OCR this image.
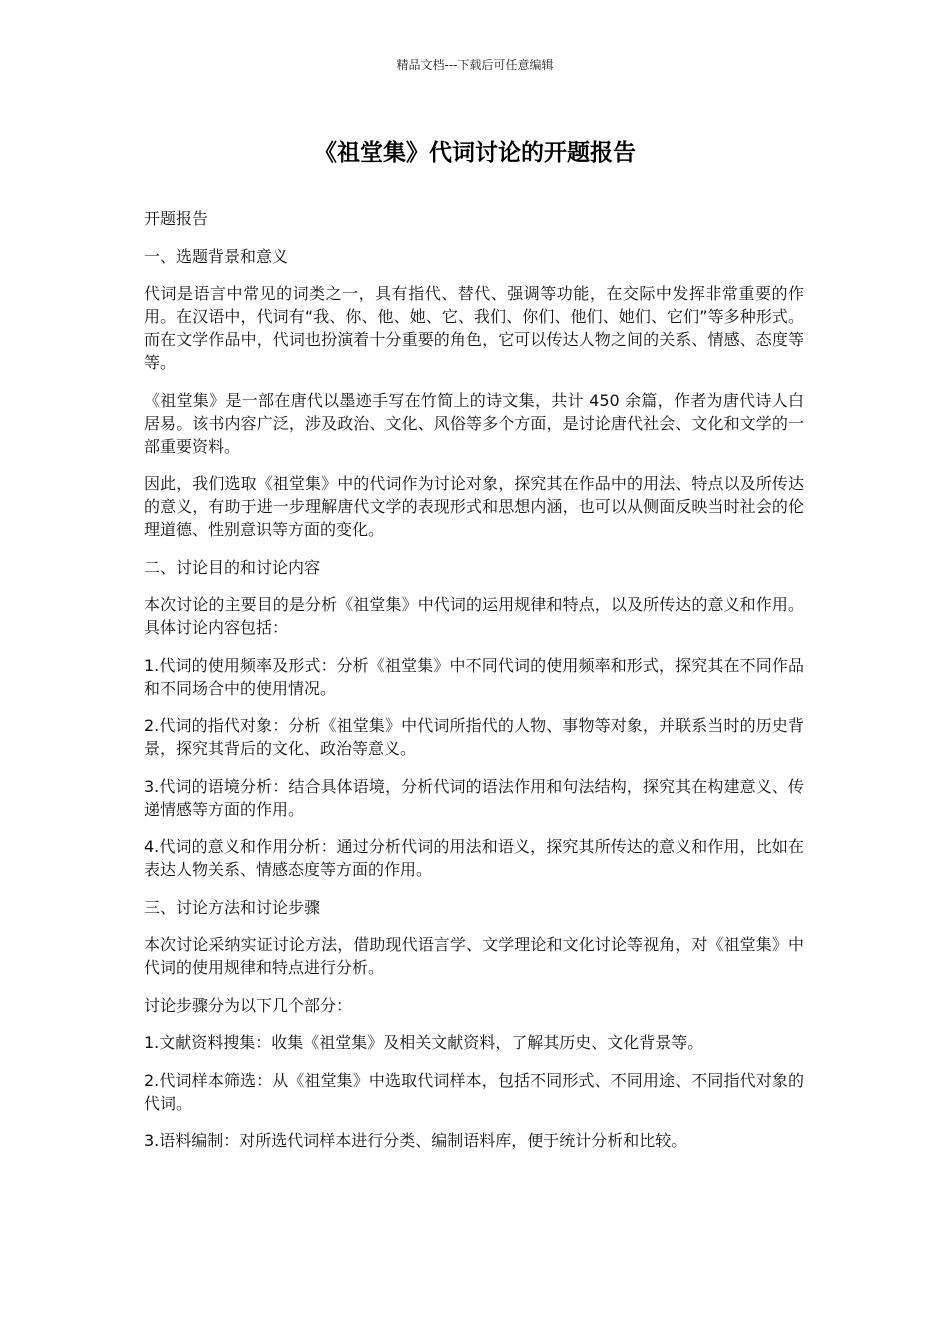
精品文档---下载后可任意编辑
《祖堂集》代词讨论的开题报告

开题报告

一、选题背景和意义

代词是语言中常见的词类之一，具有指代、替代、强调等功能，在交际中发挥非常重要的作用。在汉语中，代词有“我、你、他、她、它、我们、你们、他们、她们、它们”等多种形式。而在文学作品中，代词也扮演着十分重要的角色，它可以传达人物之间的关系、情感、态度等等。

《祖堂集》是一部在唐代以墨迹手写在竹简上的诗文集，共计 450 余篇，作者为唐代诗人白居易。该书内容广泛，涉及政治、文化、风俗等多个方面，是讨论唐代社会、文化和文学的一部重要资料。

因此，我们选取《祖堂集》中的代词作为讨论对象，探究其在作品中的用法、特点以及所传达的意义，有助于进一步理解唐代文学的表现形式和思想内涵，也可以从侧面反映当时社会的伦理道德、性别意识等方面的变化。

二、讨论目的和讨论内容

本次讨论的主要目的是分析《祖堂集》中代词的运用规律和特点，以及所传达的意义和作用。具体讨论内容包括：

1.代词的使用频率及形式：分析《祖堂集》中不同代词的使用频率和形式，探究其在不同作品和不同场合中的使用情况。

2.代词的指代对象：分析《祖堂集》中代词所指代的人物、事物等对象，并联系当时的历史背景，探究其背后的文化、政治等意义。

3.代词的语境分析：结合具体语境，分析代词的语法作用和句法结构，探究其在构建意义、传递情感等方面的作用。

4.代词的意义和作用分析：通过分析代词的用法和语义，探究其所传达的意义和作用，比如在表达人物关系、情感态度等方面的作用。

三、讨论方法和讨论步骤

本次讨论采纳实证讨论方法，借助现代语言学、文学理论和文化讨论等视角，对《祖堂集》中代词的使用规律和特点进行分析。

讨论步骤分为以下几个部分：

1.文献资料搜集：收集《祖堂集》及相关文献资料，了解其历史、文化背景等。

2.代词样本筛选：从《祖堂集》中选取代词样本，包括不同形式、不同用途、不同指代对象的代词。

3.语料编制：对所选代词样本进行分类、编制语料库，便于统计分析和比较。
